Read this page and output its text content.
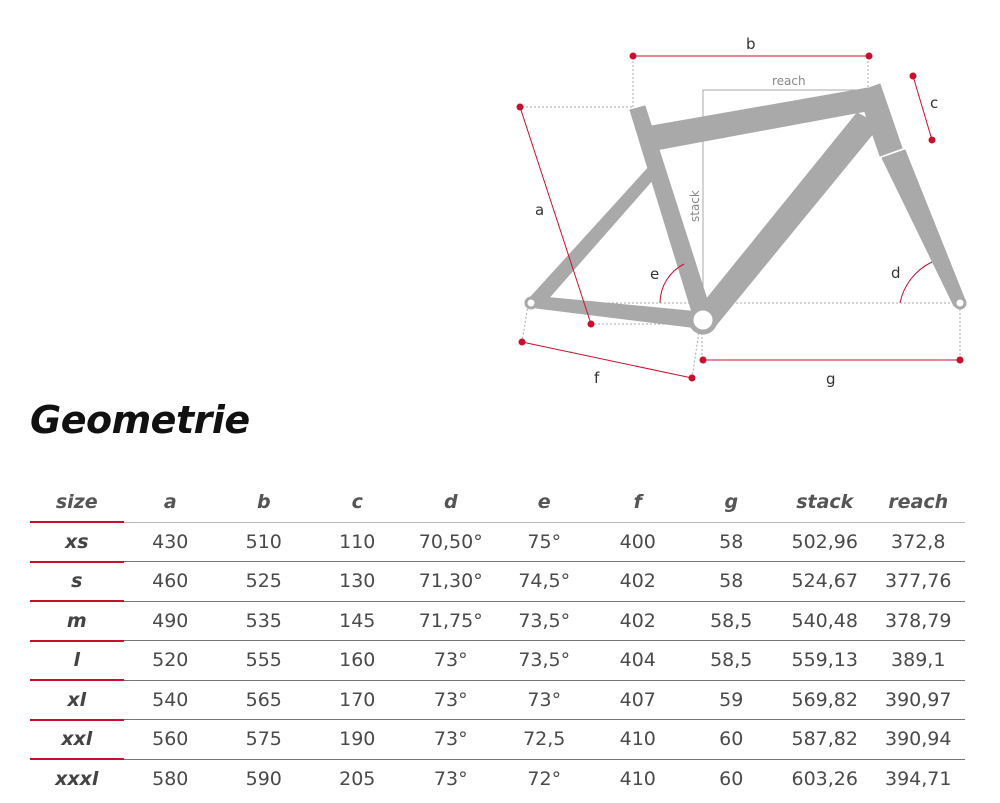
a
b
reach
c
stack
e	d
f	g
Geometrie
size	a	b	c	d	e	f	g	stack	reach
xs	430	510	110	70,50°	75°	400	58	502,96	372,8
s	460	525	130	71,30°	74,5°	402	58	524,67	377,76
m	490	535	145	71,75°	73,5°	402	58,5	540,48	378,79
l	520	555	160	73°	73,5°	404	58,5	559,13	389,1
xl	540	565	170	73°	73°	407	59	569,82	390,97
xxl	560	575	190	73°	72,5	410	60	587,82	390,94
xxxl	580	590	205	73°	72°	410	60	603,26	394,71
